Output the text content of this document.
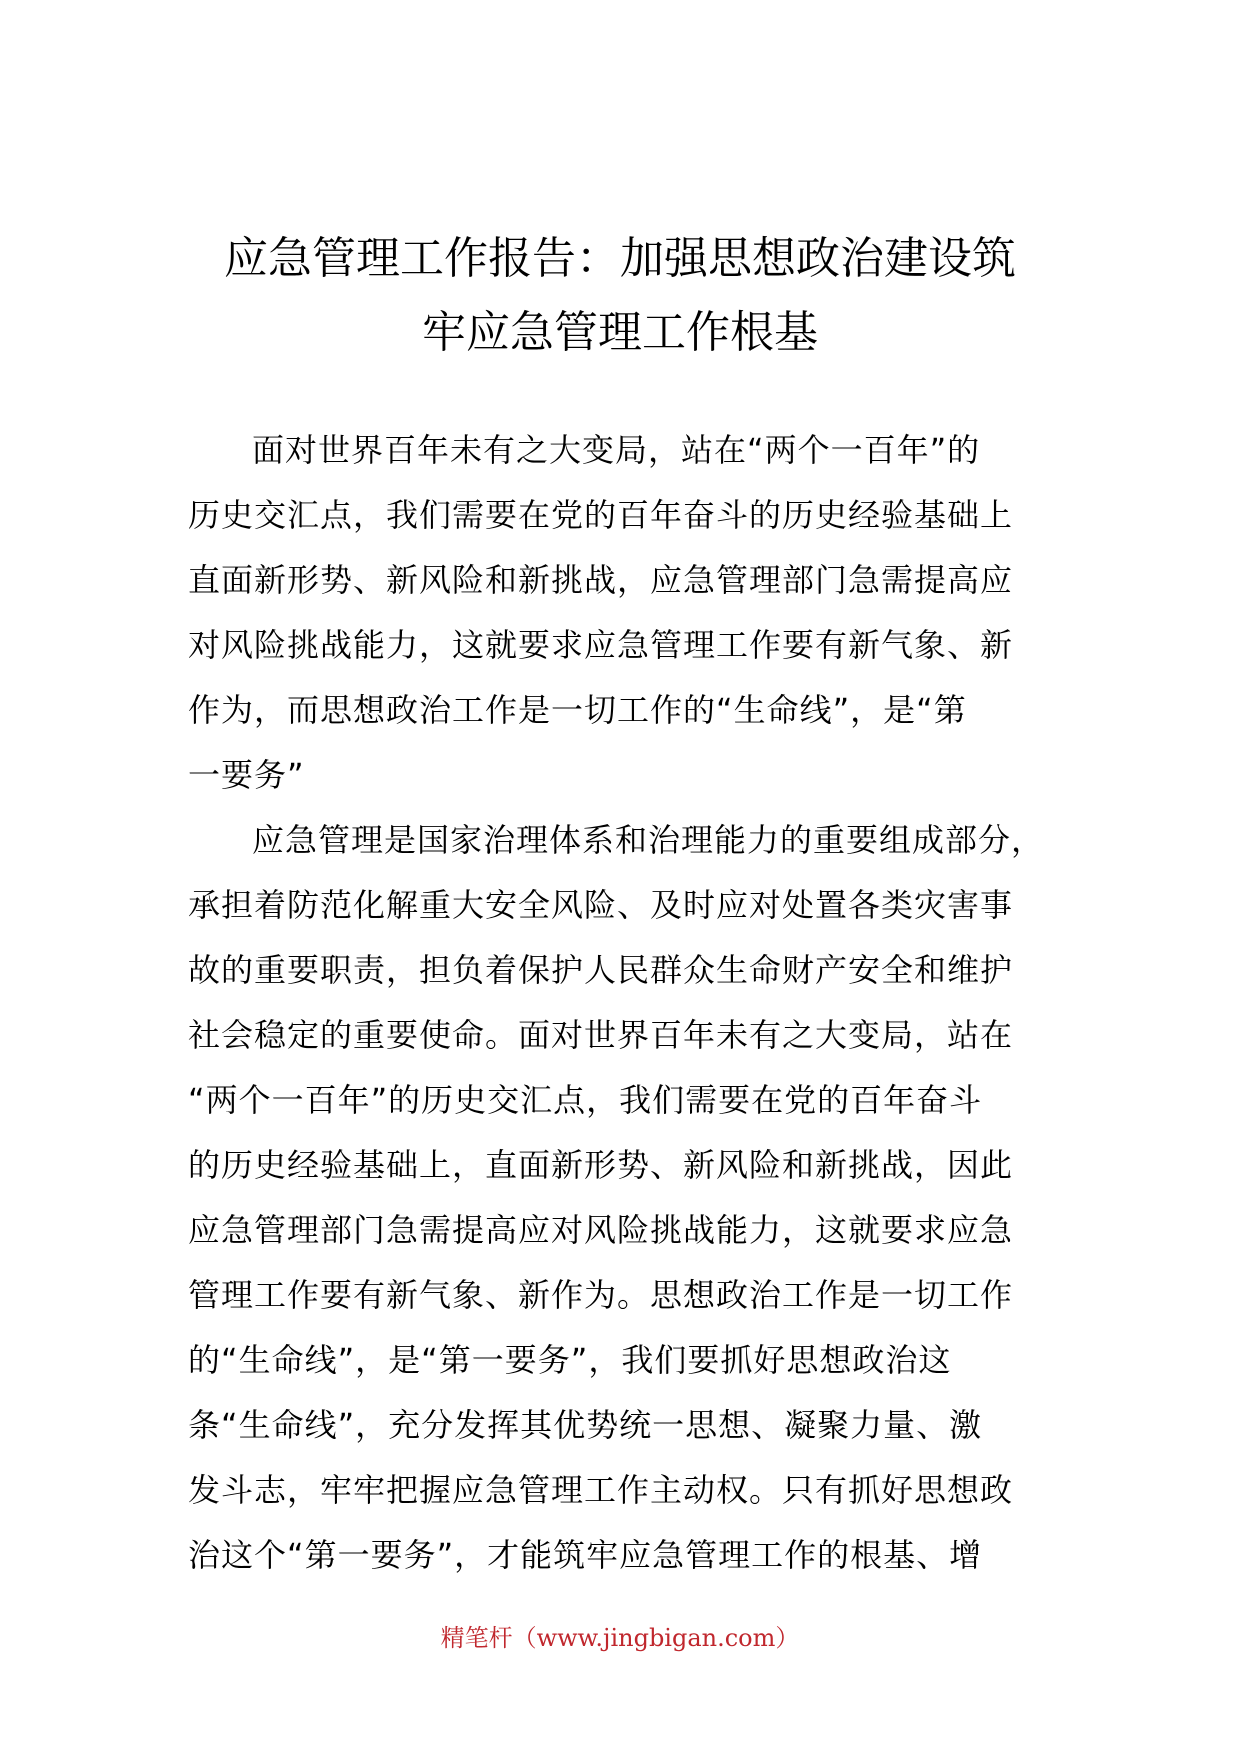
应急管理工作报告：加强思想政治建设筑
牢应急管理工作根基
面对世界百年未有之大变局，站在“两个一百年”的
历史交汇点，我们需要在党的百年奋斗的历史经验基础上
直面新形势、新风险和新挑战，应急管理部门急需提高应
对风险挑战能力，这就要求应急管理工作要有新气象、新
作为，而思想政治工作是一切工作的“生命线”，是“第
一要务”
应急管理是国家治理体系和治理能力的重要组成部分，
承担着防范化解重大安全风险、及时应对处置各类灾害事
故的重要职责，担负着保护人民群众生命财产安全和维护
社会稳定的重要使命。面对世界百年未有之大变局，站在
“两个一百年”的历史交汇点，我们需要在党的百年奋斗
的历史经验基础上，直面新形势、新风险和新挑战，因此
应急管理部门急需提高应对风险挑战能力，这就要求应急
管理工作要有新气象、新作为。思想政治工作是一切工作
的“生命线”，是“第一要务”，我们要抓好思想政治这
条“生命线”，充分发挥其优势统一思想、凝聚力量、激
发斗志，牢牢把握应急管理工作主动权。只有抓好思想政
治这个“第一要务”，才能筑牢应急管理工作的根基、增
精笔杆（www.jingbigan.com）
